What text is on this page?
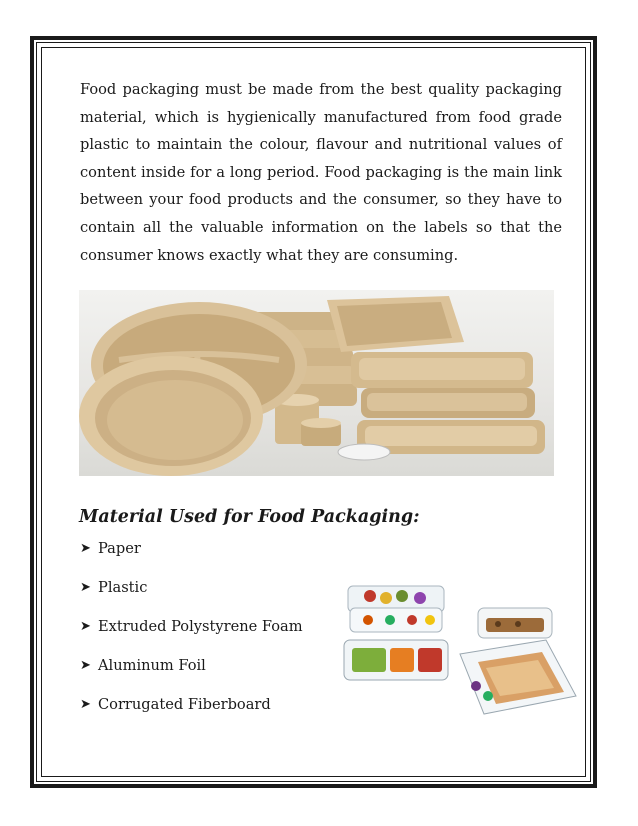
Food packaging must be made from the best quality packaging material, which is hygienically manufactured from food grade plastic to maintain the colour, flavour and nutritional values of content inside for a long period. Food packaging is the main link between your food products and the consumer, so they have to contain all the valuable information on the labels so that the consumer knows exactly what they are consuming.

Material Used for Food Packaging:
➤ Paper
➤ Plastic
➤ Extruded Polystyrene Foam
➤ Aluminum Foil
➤ Corrugated Fiberboard
